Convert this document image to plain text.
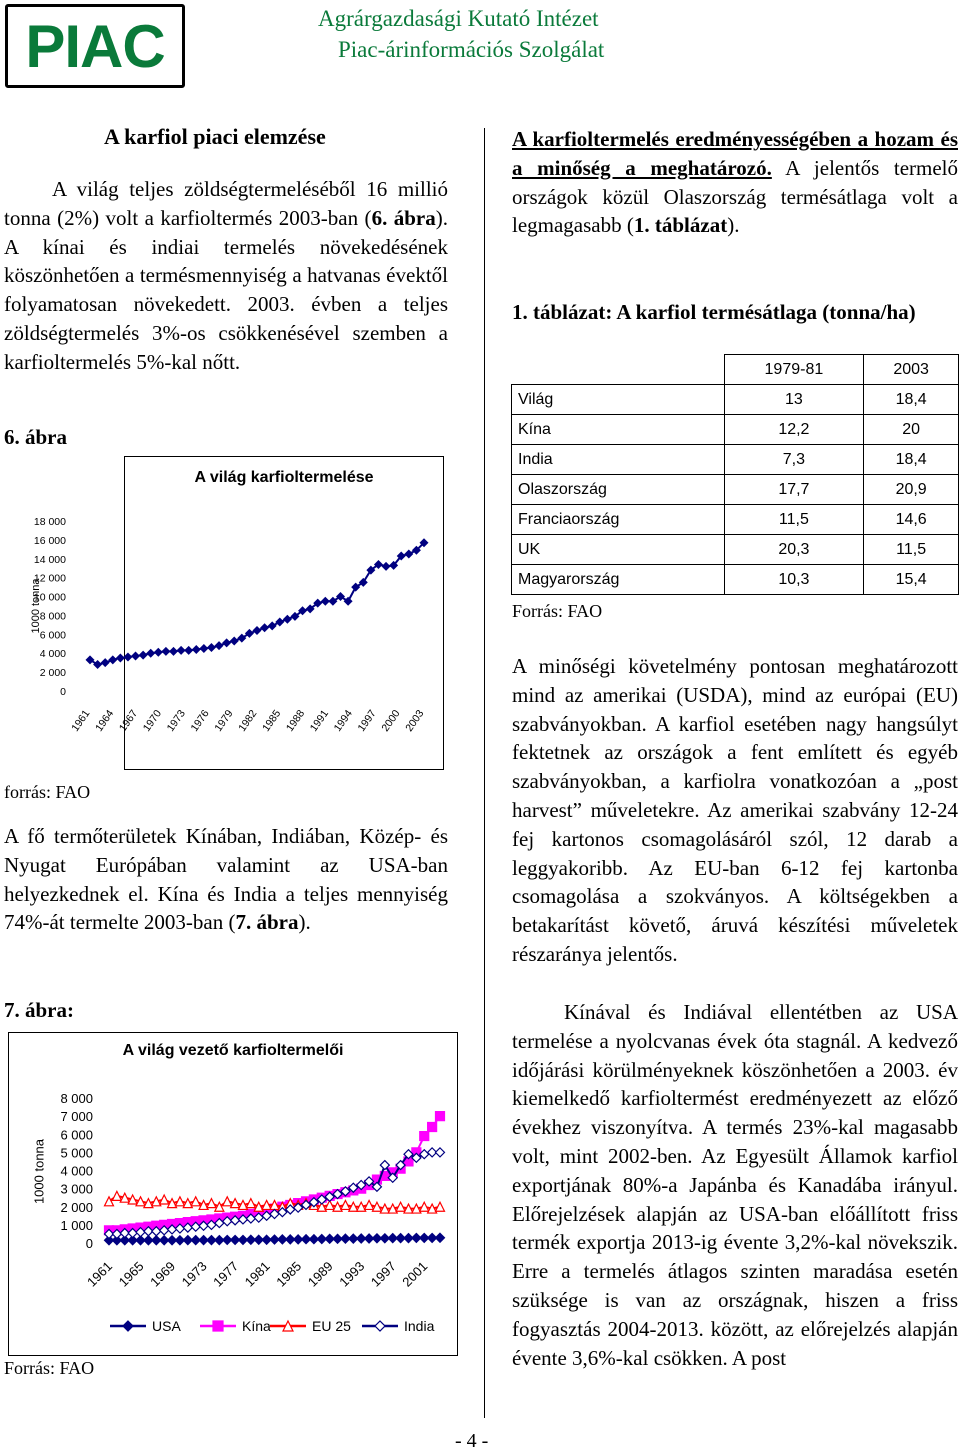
PIAC	Agrárgazdasági Kutató Intézet
Piac-árinformációs Szolgálat
A karfiol piaci elemzése

A világ teljes zöldségtermeléséből 16 millió tonna (2%) volt a karfioltermés 2003-ban (6. ábra). A kínai és indiai termelés növekedésének köszönhetően a termésmennyiség a hatvanas évektől folyamatosan növekedett. 2003. évben a teljes zöldségtermelés 3%-os csökkenésével szemben a karfioltermelés 5%-kal nőtt.

6. ábra
A világ karfioltermelése
1000 tonna
18 000
16 000
14 000
12 000
10 000
8 000
6 000
4 000
2 000
0
1961 1964 1967 1970 1973 1976 1979 1982 1985 1988 1991 1994 1997 2000 2003
forrás: FAO

A fő termőterületek Kínában, Indiában, Közép- és Nyugat Európában valamint az USA-ban helyezkednek el. Kína és India a teljes mennyiség 74%-át termelte 2003-ban (7. ábra).

7. ábra:
A világ vezető karfioltermelői
1000 tonna
8 000
7 000
6 000
5 000
4 000
3 000
2 000
1 000
0
1961 1965 1969 1973 1977 1981 1985 1989 1993 1997 2001
USA	Kína	EU 25	India
Forrás: FAO

A karfioltermelés eredményességében a hozam és a minőség a meghatározó. A jelentős termelő országok közül Olaszország termésátlaga volt a legmagasabb (1. táblázat).

1. táblázat: A karfiol termésátlaga (tonna/ha)

	1979-81	2003
Világ	13	18,4
Kína	12,2	20
India	7,3	18,4
Olaszország	17,7	20,9
Franciaország	11,5	14,6
UK	20,3	11,5
Magyarország	10,3	15,4
Forrás: FAO

A minőségi követelmény pontosan meghatározott mind az amerikai (USDA), mind az európai (EU) szabványokban. A karfiol esetében nagy hangsúlyt fektetnek az országok a fent említett és egyéb szabványokban, a karfiolra vonatkozóan a „post harvest” műveletekre. Az amerikai szabvány 12-24 fej kartonos csomagolásáról szól, 12 darab a leggyakoribb. Az EU-ban 6-12 fej kartonba csomagolása a szokványos. A költségekben a betakarítást követő, áruvá készítési műveletek részaránya jelentős.

Kínával és Indiával ellentétben az USA termelése a nyolcvanas évek óta stagnál. A kedvező időjárási körülményeknek köszönhetően a 2003. év kiemelkedő karfioltermést eredményezett az előző évekhez viszonyítva. A termés 23%-kal magasabb volt, mint 2002-ben. Az Egyesült Államok karfiol exportjának 80%-a Japánba és Kanadába irányul. Előrejelzések alapján az USA-ban előállított friss termék exportja 2013-ig évente 3,2%-kal növekszik. Erre a termelés átlagos szinten maradása esetén szüksége is van az országnak, hiszen a friss fogyasztás 2004-2013. között, az előrejelzés alapján évente 3,6%-kal csökken. A post

- 4 -
